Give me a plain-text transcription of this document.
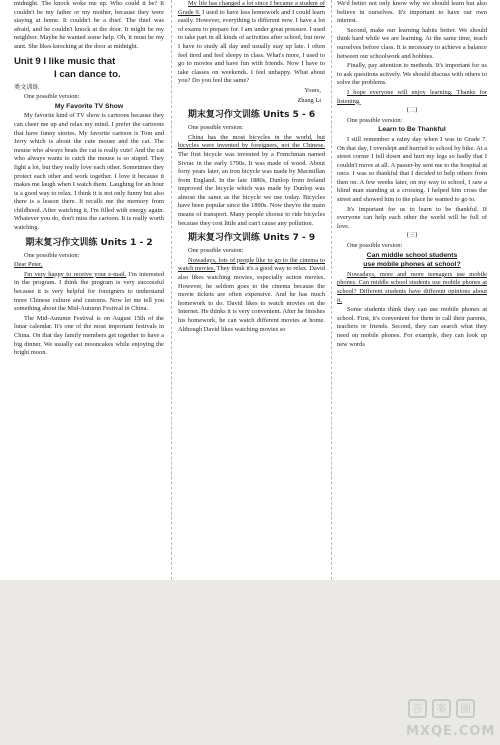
midnight. The knock woke me up. Who could it be? It couldn't be my father or my mother, because they were staying at home. It couldn't be a thief. The thief was afraid, and he couldn't knock at the door. It might be my neighbor. Maybe he wanted some help. Oh, it must be my aunt. She likes knocking at the door at midnight.

Unit 9 I like music that
I can dance to.

类文训练

One possible version:

My Favorite TV Show

My favorite kind of TV show is cartoons because they can cheer me up and relax my mind. I prefer the cartoons that have funny stories. My favorite cartoon is Tom and Jerry which is about the cute mouse and the cat. The mouse who always beats the cat is really cute! And the cat who always wants to catch the mouse is so stupid. They fight a lot, but they really love each other. Sometimes they protect each other and work together. I love it because it makes me laugh when I watch them. Laughing for an hour is a good way to relax. I think it is not only funny but also there is a lesson there. It recalls me the memory from childhood. After watching it, I'm filled with energy again. Whatever you do, don't miss the cartoon. It is really worth watching.

期末复习作文训练 Units 1 - 2

One possible version:

Dear Peter,

I'm very happy to receive your e-mail. I'm interested in the program. I think the program is very successful because it is very helpful for foreigners to understand more Chinese culture and customs. Now let me tell you something about the Mid-Autumn Festival in China.

The Mid-Autumn Festival is on August 15th of the lunar calendar. It's one of the most important festivals in China. On that day family members get together to have a big dinner. We usually eat mooncakes while enjoying the bright moon.

My life has changed a lot since I became a student of Grade 9. I used to have less homework and I could learn easily. However, everything is different now. I have a lot of exams to prepare for. I am under great pressure. I used to take part in all kinds of activities after school, but now I have to study all day and usually stay up late. I often feel tired and feel sleepy in class. What's more, I used to go to movies and have fun with friends. Now I have to take classes on weekends. I feel unhappy. What about you? Do you feel the same?

Yours,

Zhang Li

期末复习作文训练 Units 5 - 6

One possible version:

China has the most bicycles in the world, but bicycles were invented by foreigners, not the Chinese. The first bicycle was invented by a Frenchman named Sivrac in the early 1790s. It was made of wood. About forty years later, an iron bicycle was made by Macmillan from England. In the late 1880s, Dunlop from Ireland improved the bicycle which was made by Dunlop was almost the same as the bicycle we use today. Bicycles have been popular since the 1890s. Now they're the main means of transport. Many people choose to ride bicycles because they cost little and can't cause any pollution.

期末复习作文训练 Units 7 - 9

One possible version:

Nowadays, lots of people like to go to the cinema to watch movies. They think it's a good way to relax. David also likes watching movies, especially action movies. However, he seldom goes to the cinema because the movie tickets are often expensive. And he has much homework to do. David likes to watch movies on the Internet. He thinks it is very convenient. After he finishes his homework, he can watch different movies at home. Although David likes watching movies so

We'd better not only know why we should learn but also believe in ourselves. It's important to have our own interest.

Second, make our learning habits better. We should think hard while we are learning. At the same time, teach ourselves before class. It is necessary to achieve a balance between our schoolwork and hobbies.

Finally, pay attention to methods. It's important for us to ask questions actively. We should discuss with others to solve the problems.

I hope everyone will enjoy learning. Thanks for listening.

(二)

One possible version:

Learn to Be Thankful

I still remember a rainy day when I was in Grade 7. On that day, I overslept and hurried to school by bike. At a street corner I fell down and hurt my legs so badly that I couldn't move at all. A passer-by sent me to the hospital at once. I was so thankful that I decided to help others from then on. A few weeks later, on my way to school, I saw a blind man standing at a crossing. I helped him cross the street and showed him to the place he wanted to go to.

It's important for us to learn to be thankful. If everyone can help each other the world will be full of love.

(三)

One possible version:

Can middle school students

use mobile phones at school?

Nowadays, more and more teenagers use mobile phones. Can middle school students use mobile phones at school? Different students have different opinions about it.

Some students think they can use mobile phones at school. First, it's convenient for them to call their parents, teachers or friends. Second, they can search what they need on mobile phones. For example, they can look up new words

答 案 圈
MXQE.COM
